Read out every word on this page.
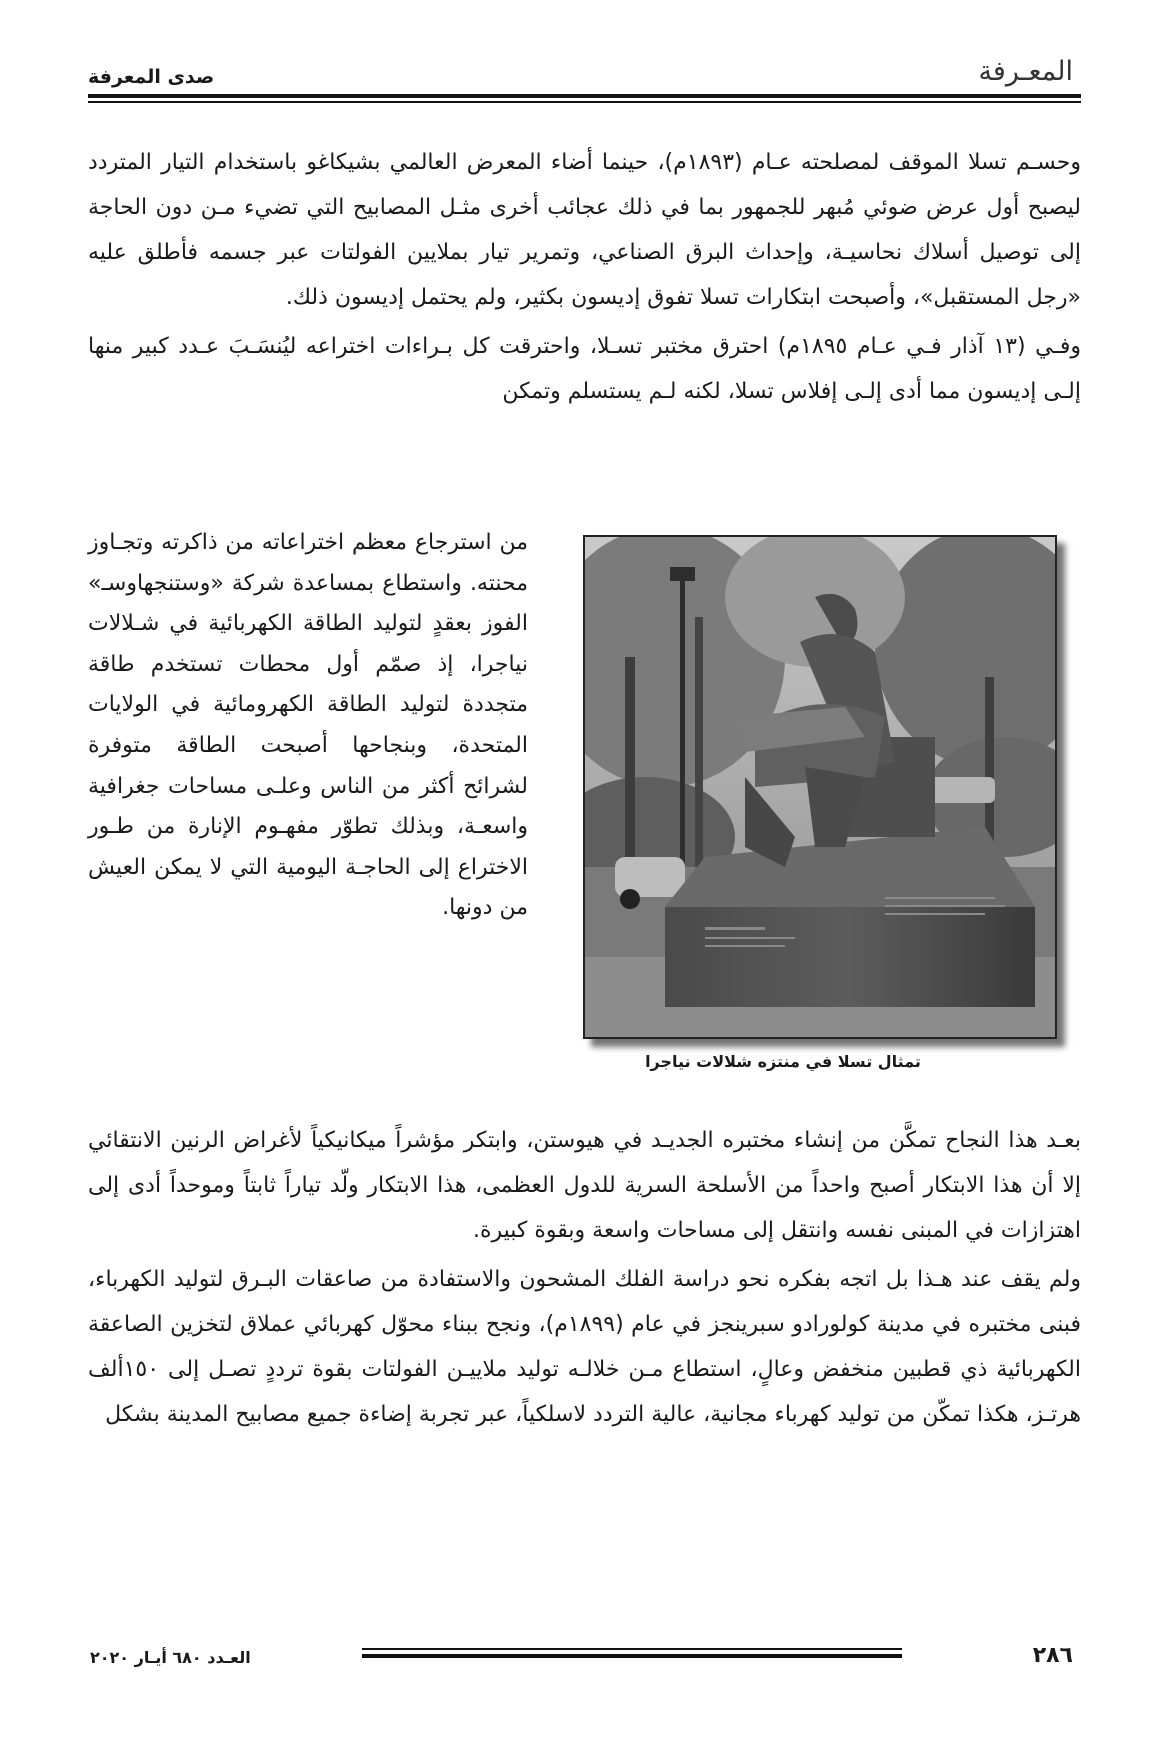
صدى المعرفة	المعـرفة

وحسـم تسلا الموقف لمصلحته عـام (١٨٩٣م)، حينما أضاء المعرض العالمي بشيكاغو باستخدام التيار المتردد ليصبح أول عرض ضوئي مُبهر للجمهور بما في ذلك عجائب أخرى مثـل المصابيح التي تضيء مـن دون الحاجة إلى توصيل أسلاك نحاسيـة، وإحداث البرق الصناعي، وتمرير تيار بملايين الفولتات عبر جسمه فأطلق عليه «رجل المستقبل»، وأصبحت ابتكارات تسلا تفوق إديسون بكثير، ولم يحتمل إديسون ذلك.

وفـي (١٣ آذار فـي عـام ١٨٩٥م) احترق مختبر تسـلا، واحترقت كل بـراءات اختراعه ليُنسَـبَ عـدد كبير منها إلـى إديسون مما أدى إلـى إفلاس تسلا، لكنه لـم يستسلم وتمكن

من استرجاع معظم اختراعاته من ذاكرته وتجـاوز محنته. واستطاع بمساعدة شركة «وستنجهاوسـ» الفوز بعقدٍ لتوليد الطاقة الكهربائية في شـلالات نياجرا، إذ صمّم أول محطات تستخدم طاقة متجددة لتوليد الطاقة الكهرومائية في الولايات المتحدة، وبنجاحها أصبحت الطاقة متوفرة لشرائح أكثر من الناس وعلـى مساحات جغرافية واسعـة، وبذلك تطوّر مفهـوم الإنارة من طـور الاختراع إلى الحاجـة اليومية التي لا يمكن العيش من دونها.
تمثال تسلا في منتزه شلالات نياجرا

بعـد هذا النجاح تمكَّن من إنشاء مختبره الجديـد في هيوستن، وابتكر مؤشراً ميكانيكياً لأغراض الرنين الانتقائي إلا أن هذا الابتكار أصبح واحداً من الأسلحة السرية للدول العظمى، هذا الابتكار ولّد تياراً ثابتاً وموحداً أدى إلى اهتزازات في المبنى نفسه وانتقل إلى مساحات واسعة وبقوة كبيرة.

ولم يقف عند هـذا بل اتجه بفكره نحو دراسة الفلك المشحون والاستفادة من صاعقات البـرق لتوليد الكهرباء، فبنى مختبره في مدينة كولورادو سبرينجز في عام (١٨٩٩م)، ونجح ببناء محوّل كهربائي عملاق لتخزين الصاعقة الكهربائية ذي قطبين منخفض وعالٍ، استطاع مـن خلالـه توليد ملاييـن الفولتات بقوة ترددٍ تصـل إلى ١٥٠ألف هرتـز، هكذا تمكّن من توليد كهرباء مجانية، عالية التردد لاسلكياً، عبر تجربة إضاءة جميع مصابيح المدينة بشكل

العـدد ٦٨٠ أيـار ٢٠٢٠	٢٨٦
